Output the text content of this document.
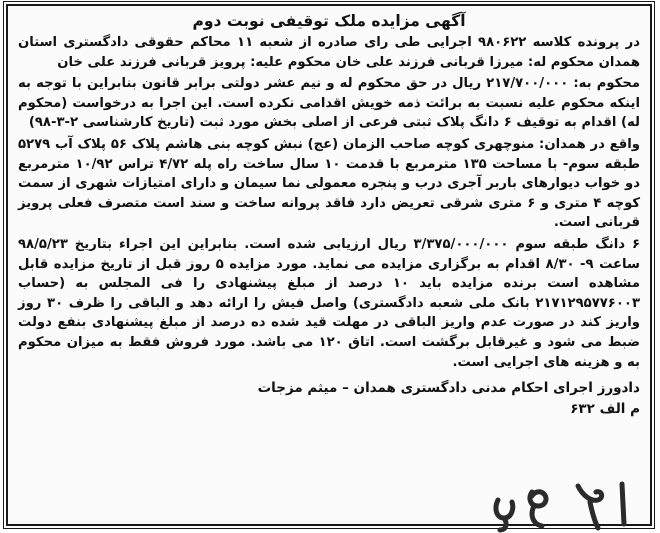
آگهی مزایده ملک توقیفی نوبت دوم

در پرونده کلاسه ۹۸۰۶۲۲ اجرایی طی رای صادره از شعبه ۱۱ محاکم حقوقی دادگستری استان همدان محکوم له: میرزا قربانی فرزند علی خان محکوم علیه: پرویز قربانی فرزند علی خان

محکوم به: ۲۱۷/۷۰۰/۰۰۰ ریال در حق محکوم له و نیم عشر دولتی برابر قانون بنابراین با توجه به اینکه محکوم علیه نسبت به برائت ذمه خویش اقدامی نکرده است. این اجرا به درخواست (محکوم له) اقدام به توقیف ۶ دانگ پلاک ثبتی فرعی از اصلی بخش مورد ثبت (تاریخ کارشناسی ۲-۳-۹۸)

واقع در همدان: منوچهری کوچه صاحب الزمان (عج) نبش کوچه بنی هاشم پلاک ۵۶ پلاک آب ۵۲۷۹ طبقه سوم- با مساحت ۱۳۵ مترمربع با قدمت ۱۰ سال ساخت راه پله ۴/۷۲ تراس ۱۰/۹۲ مترمربع دو خواب دیوارهای باربر آجری درب و پنجره معمولی نما سیمان و دارای امتیازات شهری از سمت کوچه ۴ متری و ۶ متری شرقی تعریض دارد فاقد پروانه ساخت و سند است متصرف فعلی پرویز قربانی است.

۶ دانگ طبقه سوم ۳/۳۷۵/۰۰۰/۰۰۰ ریال ارزیابی شده است. بنابراین این اجراء بتاریخ ۹۸/۵/۲۳ ساعت ۹- ۸/۳۰ اقدام به برگزاری مزایده می نماید. مورد مزایده ۵ روز قبل از تاریخ مزایده قابل مشاهده است برنده مزایده باید ۱۰ درصد از مبلغ پیشنهادی را فی المجلس به (حساب ۲۱۷۱۲۹۵۷۷۶۰۰۳ بانک ملی شعبه دادگستری) واصل فیش را ارائه دهد و الباقی را ظرف ۳۰ روز واریز کند در صورت عدم واریز الباقی در مهلت قید شده ده درصد از مبلغ پیشنهادی بنفع دولت ضبط می شود و غیرقابل برگشت است. اتاق ۱۲۰ می باشد. مورد فروش فقط به میزان محکوم به و هزینه های اجرایی است.

دادورز اجرای احکام مدنی دادگستری همدان – میثم مزجات
م الف ۶۳۲
